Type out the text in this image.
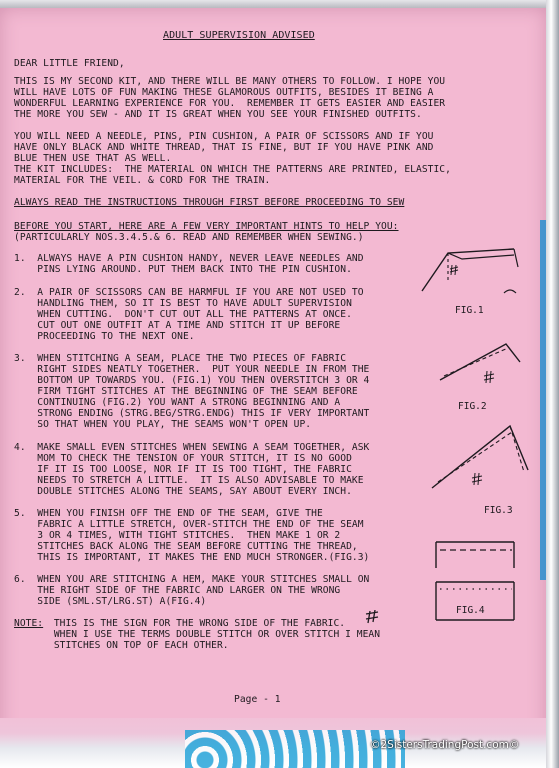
ADULT SUPERVISION ADVISED
DEAR LITTLE FRIEND,
THIS IS MY SECOND KIT, AND THERE WILL BE MANY OTHERS TO FOLLOW. I HOPE YOU
WILL HAVE LOTS OF FUN MAKING THESE GLAMOROUS OUTFITS, BESIDES IT BEING A
WONDERFUL LEARNING EXPERIENCE FOR YOU.  REMEMBER IT GETS EASIER AND EASIER
THE MORE YOU SEW - AND IT IS GREAT WHEN YOU SEE YOUR FINISHED OUTFITS.
YOU WILL NEED A NEEDLE, PINS, PIN CUSHION, A PAIR OF SCISSORS AND IF YOU
HAVE ONLY BLACK AND WHITE THREAD, THAT IS FINE, BUT IF YOU HAVE PINK AND
BLUE THEN USE THAT AS WELL.
THE KIT INCLUDES:  THE MATERIAL ON WHICH THE PATTERNS ARE PRINTED, ELASTIC,
MATERIAL FOR THE VEIL. & CORD FOR THE TRAIN.
ALWAYS READ THE INSTRUCTIONS THROUGH FIRST BEFORE PROCEEDING TO SEW
BEFORE YOU START, HERE ARE A FEW VERY IMPORTANT HINTS TO HELP YOU:
(PARTICULARLY NOS.3.4.5.& 6. READ AND REMEMBER WHEN SEWING.)
1.  ALWAYS HAVE A PIN CUSHION HANDY, NEVER LEAVE NEEDLES AND
PINS LYING AROUND. PUT THEM BACK INTO THE PIN CUSHION.
2.  A PAIR OF SCISSORS CAN BE HARMFUL IF YOU ARE NOT USED TO
HANDLING THEM, SO IT IS BEST TO HAVE ADULT SUPERVISION
WHEN CUTTING.  DON'T CUT OUT ALL THE PATTERNS AT ONCE.
CUT OUT ONE OUTFIT AT A TIME AND STITCH IT UP BEFORE
PROCEEDING TO THE NEXT ONE.
3.  WHEN STITCHING A SEAM, PLACE THE TWO PIECES OF FABRIC
RIGHT SIDES NEATLY TOGETHER.  PUT YOUR NEEDLE IN FROM THE
BOTTOM UP TOWARDS YOU. (FIG.1) YOU THEN OVERSTITCH 3 OR 4
FIRM TIGHT STITCHES AT THE BEGINNING OF THE SEAM BEFORE
CONTINUING (FIG.2) YOU WANT A STRONG BEGINNING AND A
STRONG ENDING (STRG.BEG/STRG.ENDG) THIS IF VERY IMPORTANT
SO THAT WHEN YOU PLAY, THE SEAMS WON'T OPEN UP.
4.  MAKE SMALL EVEN STITCHES WHEN SEWING A SEAM TOGETHER, ASK
MOM TO CHECK THE TENSION OF YOUR STITCH, IT IS NO GOOD
IF IT IS TOO LOOSE, NOR IF IT IS TOO TIGHT, THE FABRIC
NEEDS TO STRETCH A LITTLE.  IT IS ALSO ADVISABLE TO MAKE
DOUBLE STITCHES ALONG THE SEAMS, SAY ABOUT EVERY INCH.
5.  WHEN YOU FINISH OFF THE END OF THE SEAM, GIVE THE
FABRIC A LITTLE STRETCH, OVER-STITCH THE END OF THE SEAM
3 OR 4 TIMES, WITH TIGHT STITCHES.  THEN MAKE 1 OR 2
STITCHES BACK ALONG THE SEAM BEFORE CUTTING THE THREAD,
THIS IS IMPORTANT, IT MAKES THE END MUCH STRONGER.(FIG.3)
6.  WHEN YOU ARE STITCHING A HEM, MAKE YOUR STITCHES SMALL ON
THE RIGHT SIDE OF THE FABRIC AND LARGER ON THE WRONG
SIDE (SML.ST/LRG.ST) A(FIG.4)
NOTE: THIS IS THE SIGN FOR THE WRONG SIDE OF THE FABRIC.
WHEN I USE THE TERMS DOUBLE STITCH OR OVER STITCH I MEAN
STITCHES ON TOP OF EACH OTHER.
FIG.1
FIG.2
FIG.3
FIG.4
Page - 1
©2SistersTradingPost.com©
